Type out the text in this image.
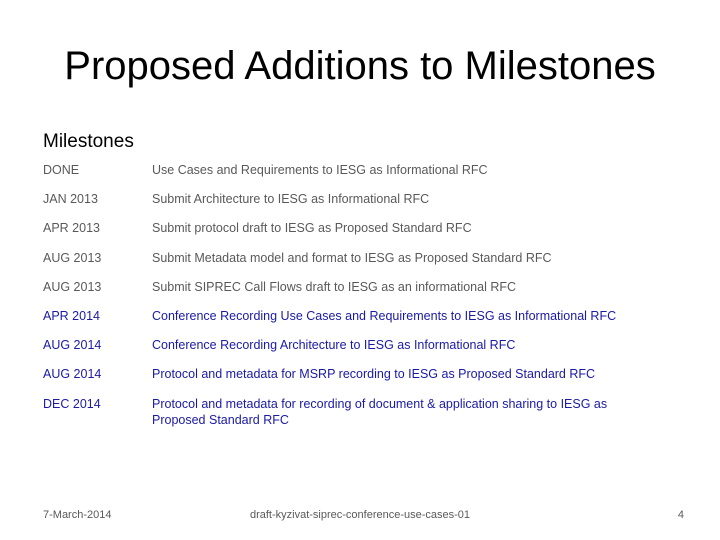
Proposed Additions to Milestones
Milestones
DONE	Use Cases and Requirements to IESG as Informational RFC
JAN 2013	Submit Architecture to IESG as Informational RFC
APR 2013	Submit protocol draft to IESG as Proposed Standard RFC
AUG 2013	Submit Metadata model and format to IESG as Proposed Standard RFC
AUG 2013	Submit SIPREC Call Flows draft to IESG as an informational RFC
APR 2014	Conference Recording Use Cases and Requirements to IESG as Informational RFC
AUG 2014	Conference Recording Architecture to IESG as Informational RFC
AUG 2014	Protocol and metadata for MSRP recording to IESG as Proposed Standard RFC
DEC 2014	Protocol and metadata for recording of document & application sharing to IESG as Proposed Standard RFC
7-March-2014	draft-kyzivat-siprec-conference-use-cases-01	4
